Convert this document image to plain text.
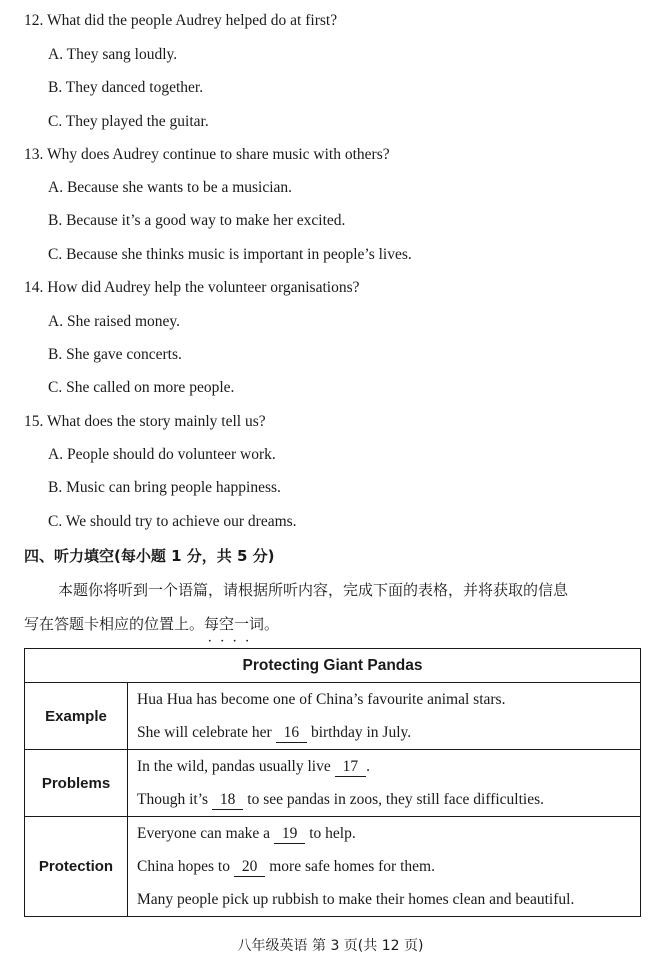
12. What did the people Audrey helped do at first?
A. They sang loudly.
B. They danced together.
C. They played the guitar.
13. Why does Audrey continue to share music with others?
A. Because she wants to be a musician.
B. Because it’s a good way to make her excited.
C. Because she thinks music is important in people’s lives.
14. How did Audrey help the volunteer organisations?
A. She raised money.
B. She gave concerts.
C. She called on more people.
15. What does the story mainly tell us?
A. People should do volunteer work.
B. Music can bring people happiness.
C. We should try to achieve our dreams.
四、听力填空(每小题 1 分，共 5 分)
本题你将听到一个语篇，请根据所听内容，完成下面的表格，并将获取的信息
写在答题卡相应的位置上。每空一词 • • • •。
Protecting Giant Pandas	
Example	Hua Hua has become one of China’s favourite animal stars.
She will celebrate her 16 birthday in July.

Problems	In the wild, pandas usually live 17 .
Though it’s 18 to see pandas in zoos, they still face difficulties.

Protection	Everyone can make a 19 to help.
China hopes to 20 more safe homes for them.
Many people pick up rubbish to make their homes clean and beautiful.
八年级英语 第 3 页(共 12 页)
